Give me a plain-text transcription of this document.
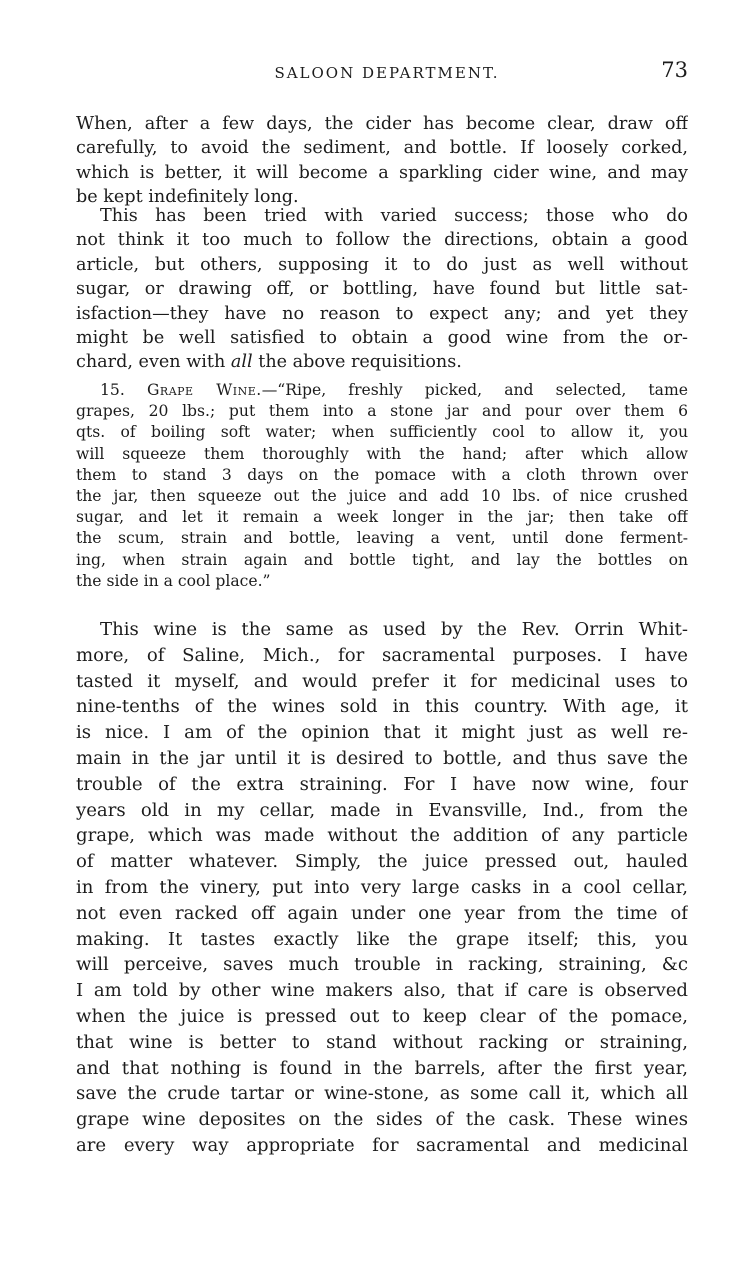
SALOON DEPARTMENT.	73
When, after a few days, the cider has become clear, draw off
carefully, to avoid the sediment, and bottle. If loosely corked,
which is better, it will become a sparkling cider wine, and may
be kept indefinitely long.
This has been tried with varied success; those who do
not think it too much to follow the directions, obtain a good
article, but others, supposing it to do just as well without
sugar, or drawing off, or bottling, have found but little sat-
isfaction—they have no reason to expect any; and yet they
might be well satisfied to obtain a good wine from the or-
chard, even with all the above requisitions.
15. Grape Wine.—“Ripe, freshly picked, and selected, tame
grapes, 20 lbs.; put them into a stone jar and pour over them 6
qts. of boiling soft water; when sufficiently cool to allow it, you
will squeeze them thoroughly with the hand; after which allow
them to stand 3 days on the pomace with a cloth thrown over
the jar, then squeeze out the juice and add 10 lbs. of nice crushed
sugar, and let it remain a week longer in the jar; then take off
the scum, strain and bottle, leaving a vent, until done ferment-
ing, when strain again and bottle tight, and lay the bottles on
the side in a cool place.”
This wine is the same as used by the Rev. Orrin Whit-
more, of Saline, Mich., for sacramental purposes. I have
tasted it myself, and would prefer it for medicinal uses to
nine-tenths of the wines sold in this country. With age, it
is nice. I am of the opinion that it might just as well re-
main in the jar until it is desired to bottle, and thus save the
trouble of the extra straining. For I have now wine, four
years old in my cellar, made in Evansville, Ind., from the
grape, which was made without the addition of any particle
of matter whatever. Simply, the juice pressed out, hauled
in from the vinery, put into very large casks in a cool cellar,
not even racked off again under one year from the time of
making. It tastes exactly like the grape itself; this, you
will perceive, saves much trouble in racking, straining, &c
I am told by other wine makers also, that if care is observed
when the juice is pressed out to keep clear of the pomace,
that wine is better to stand without racking or straining,
and that nothing is found in the barrels, after the first year,
save the crude tartar or wine-stone, as some call it, which all
grape wine deposites on the sides of the cask. These wines
are every way appropriate for sacramental and medicinal
